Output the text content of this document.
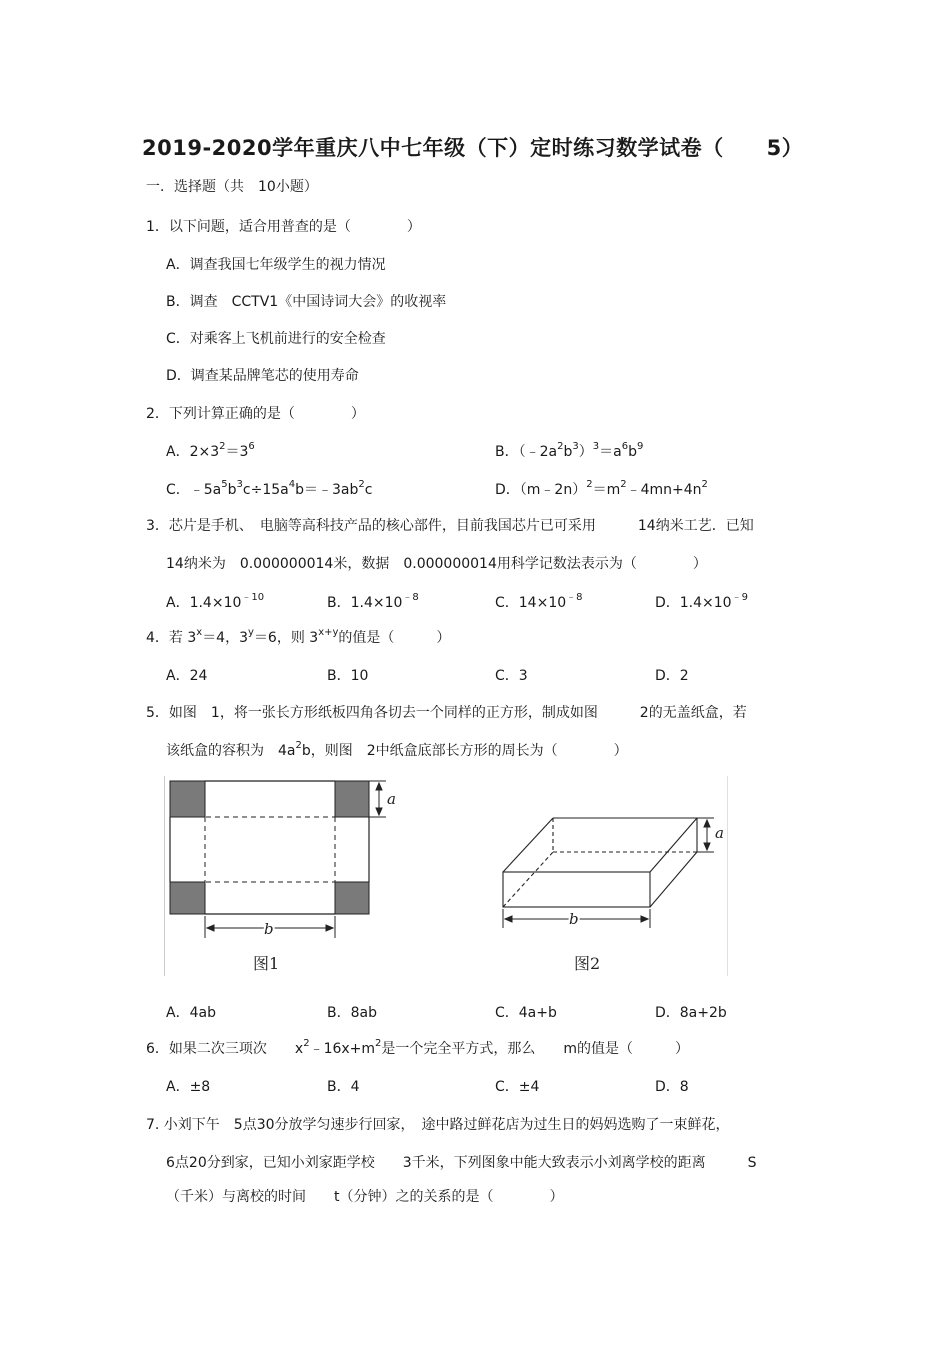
2019-2020学年重庆八中七年级（下）定时练习数学试卷（　　5）
一．选择题（共　10小题）
1．以下问题，适合用普查的是（　　　　）
A．调查我国七年级学生的视力情况
B．调查　CCTV1《中国诗词大会》的收视率
C．对乘客上飞机前进行的安全检查
D．调查某品牌笔芯的使用寿命
2．下列计算正确的是（　　　　）
A．$2\times 3^2=3^6$	B．$(﹣2a^2b^3)^3=a^6b^9$
C．$﹣5a^5b^3c\div 15a^4b=﹣3ab^2c$	D．$(m﹣2n)^2=m^2﹣4mn+4n^2$
3．芯片是手机、　电脑等高科技产品的核心部件，目前我国芯片已可采用　　　14纳米工艺．已知
14纳米为　0.000000014米，数据　0.000000014用科学记数法表示为（　　　　）
A．$1.4\times 10^{﹣10}$	B．$1.4\times 10^{﹣8}$	C．$14\times 10^{﹣8}$	D．$1.4\times 10^{﹣9}$
4．若 $3^x=4$，$3^y=6$，则 $3^{x+y}$的值是（　　　）
A．24	B．10	C．3	D．2
5．如图　1，将一张长方形纸板四角各切去一个同样的正方形，制成如图　　　2的无盖纸盒，若
该纸盒的容积为　$4a^2b$，则图　2中纸盒底部长方形的周长为（　　　　）
a
b
图1
a
b
图2
A．4ab	B．8ab	C．4a+b	D．8a+2b
6．如果二次三项次　　$x^2﹣16x+m^2$是一个完全平方式，那么　　m的值是（　　　）
A．±8	B．4	C．±4	D．8
7. 小刘下午　5点30分放学匀速步行回家，　途中路过鲜花店为过生日的妈妈选购了一束鲜花，
6点20分到家，已知小刘家距学校　　3千米，下列图象中能大致表示小刘离学校的距离　　　S
（千米）与离校的时间　　t（分钟）之的关系的是（　　　　）
